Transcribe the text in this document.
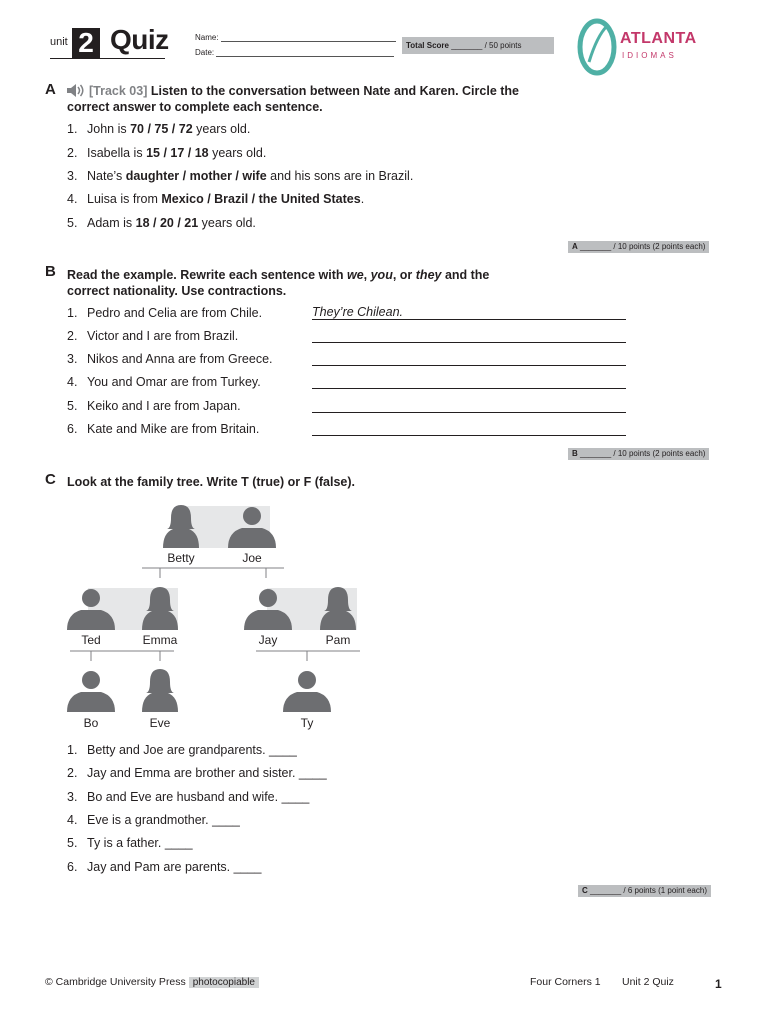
unit 2 Quiz	Name:
Date:
Total Score _______ / 50 points	ATLANTA
IDIOMAS
A	[Track 03] Listen to the conversation between Nate and Karen. Circle the
correct answer to complete each sentence.
1. John is 70 / 75 / 72 years old.
2. Isabella is 15 / 17 / 18 years old.
3. Nate’s daughter / mother / wife and his sons are in Brazil.
4. Luisa is from Mexico / Brazil / the United States.
5. Adam is 18 / 20 / 21 years old.
A _______ / 10 points (2 points each)
B Read the example. Rewrite each sentence with we, you, or they and the
correct nationality. Use contractions.
1. Pedro and Celia are from Chile.	They’re Chilean.
2. Victor and I are from Brazil.
3. Nikos and Anna are from Greece.
4. You and Omar are from Turkey.
5. Keiko and I are from Japan.
6. Kate and Mike are from Britain.
B _______ / 10 points (2 points each)
C Look at the family tree. Write T (true) or F (false).
Betty	Joe
Ted	Emma	Jay	Pam
Bo	Eve	Ty
1. Betty and Joe are grandparents. ____
2. Jay and Emma are brother and sister. ____
3. Bo and Eve are husband and wife. ____
4. Eve is a grandmother. ____
5. Ty is a father. ____
6. Jay and Pam are parents. ____
C _______ / 6 points (1 point each)
© Cambridge University Press photocopiable	Four Corners 1 Unit 2 Quiz	1
